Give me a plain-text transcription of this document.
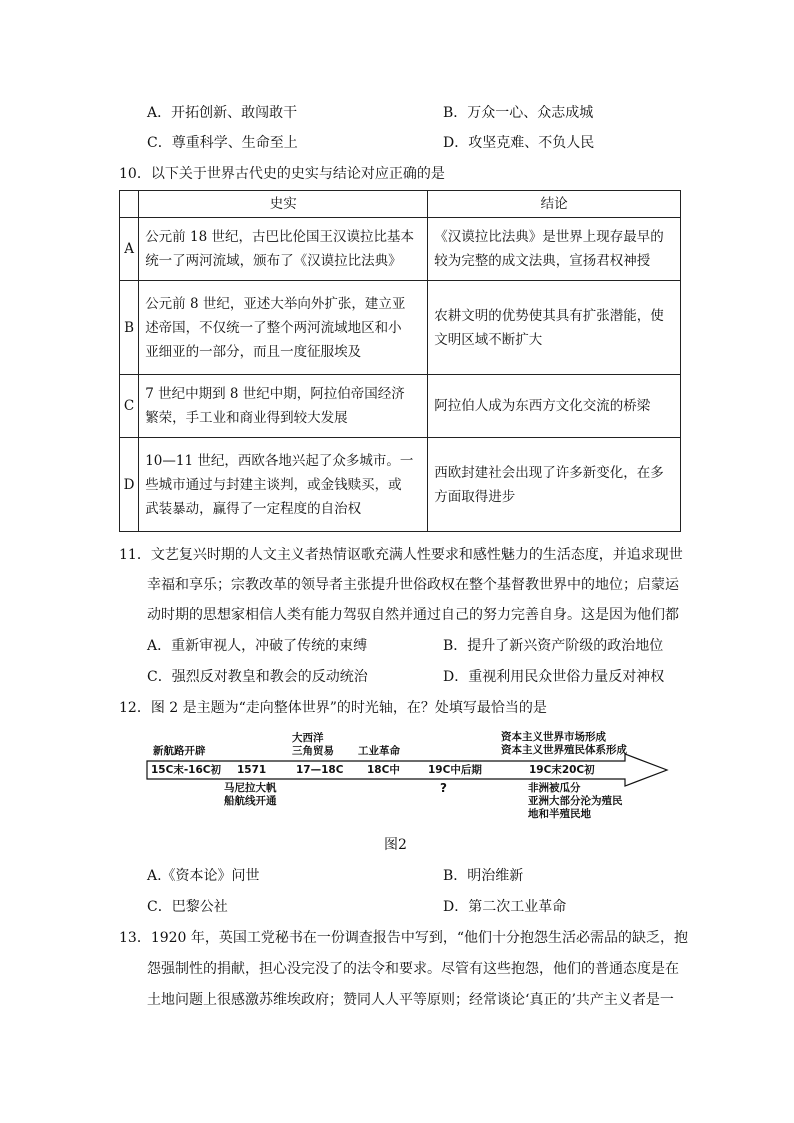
A．开拓创新、敢闯敢干	B．万众一心、众志成城
C．尊重科学、生命至上	D．攻坚克难、不负人民
10．以下关于世界古代史的史实与结论对应正确的是
	史实	结论
A	公元前 18 世纪，古巴比伦国王汉谟拉比基本
统一了两河流域，颁布了《汉谟拉比法典》	《汉谟拉比法典》是世界上现存最早的
较为完整的成文法典，宣扬君权神授

B	公元前 8 世纪，亚述大举向外扩张，建立亚
述帝国，不仅统一了整个两河流域地区和小
亚细亚的一部分，而且一度征服埃及	农耕文明的优势使其具有扩张潜能，使
文明区域不断扩大

C	7 世纪中期到 8 世纪中期，阿拉伯帝国经济
繁荣，手工业和商业得到较大发展	阿拉伯人成为东西方文化交流的桥梁

D	10—11 世纪，西欧各地兴起了众多城市。一
些城市通过与封建主谈判，或金钱赎买，或
武装暴动，赢得了一定程度的自治权	西欧封建社会出现了许多新变化，在多
方面取得进步
11．文艺复兴时期的人文主义者热情讴歌充满人性要求和感性魅力的生活态度，并追求现世
幸福和享乐；宗教改革的领导者主张提升世俗政权在整个基督教世界中的地位；启蒙运
动时期的思想家相信人类有能力驾驭自然并通过自己的努力完善自身。这是因为他们都
A．重新审视人，冲破了传统的束缚	B．提升了新兴资产阶级的政治地位
C．强烈反对教皇和教会的反动统治	D．重视利用民众世俗力量反对神权
12．图 2 是主题为“走向整体世界”的时光轴，在？处填写最恰当的是
新航路开辟
大西洋
三角贸易 工业革命
资本主义世界市场形成
资本主义世界殖民体系形成
15C末-16C初 1571	17—18C 18C中	19C中后期	19C末20C初
马尼拉大帆
船航线开通
?	非洲被瓜分
亚洲大部分沦为殖民
地和半殖民地
图2
A.《资本论》问世	B．明治维新
C．巴黎公社	D．第二次工业革命
13．1920 年，英国工党秘书在一份调查报告中写到，“他们十分抱怨生活必需品的缺乏，抱
怨强制性的捐献，担心没完没了的法令和要求。尽管有这些抱怨，他们的普通态度是在
土地问题上很感激苏维埃政府；赞同人人平等原则；经常谈论‘真正的’共产主义者是一
